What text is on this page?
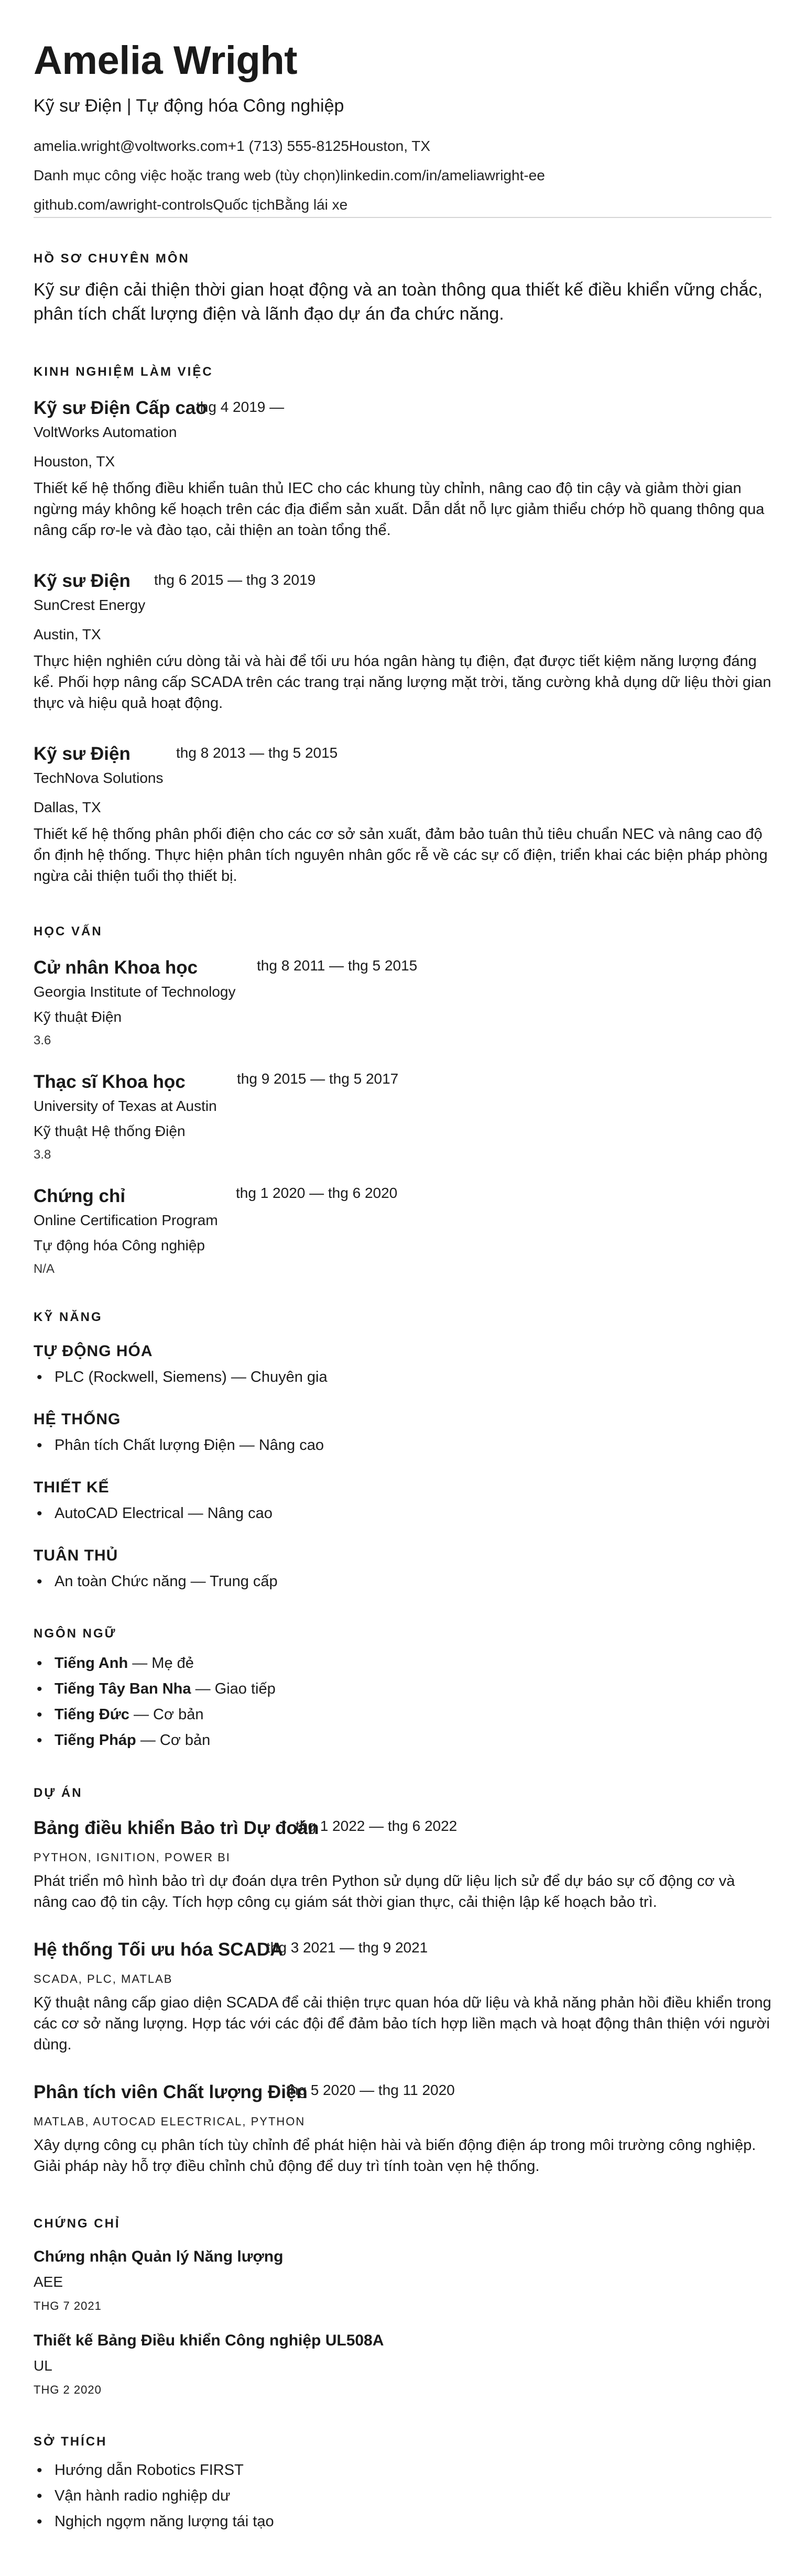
Amelia Wright
Kỹ sư Điện | Tự động hóa Công nghiệp
amelia.wright@voltworks.com+1 (713) 555-8125Houston, TX
Danh mục công việc hoặc trang web (tùy chọn)linkedin.com/in/ameliawright-ee
github.com/awright-controlsQuốc tịchBằng lái xe
HỒ SƠ CHUYÊN MÔN
Kỹ sư điện cải thiện thời gian hoạt động và an toàn thông qua thiết kế điều khiển vững chắc, phân tích chất lượng điện và lãnh đạo dự án đa chức năng.
KINH NGHIỆM LÀM VIỆC
Kỹ sư Điện Cấp cao
thg 4 2019 —
VoltWorks Automation
Houston, TX
Thiết kế hệ thống điều khiển tuân thủ IEC cho các khung tùy chỉnh, nâng cao độ tin cậy và giảm thời gian ngừng máy không kế hoạch trên các địa điểm sản xuất. Dẫn dắt nỗ lực giảm thiểu chớp hồ quang thông qua nâng cấp rơ-le và đào tạo, cải thiện an toàn tổng thể.
Kỹ sư Điện thg 6 2015 — thg 3 2019
SunCrest Energy
Austin, TX
Thực hiện nghiên cứu dòng tải và hài để tối ưu hóa ngân hàng tụ điện, đạt được tiết kiệm năng lượng đáng kể. Phối hợp nâng cấp SCADA trên các trang trại năng lượng mặt trời, tăng cường khả dụng dữ liệu thời gian thực và hiệu quả hoạt động.
Kỹ sư Điện	thg 8 2013 — thg 5 2015
TechNova Solutions
Dallas, TX
Thiết kế hệ thống phân phối điện cho các cơ sở sản xuất, đảm bảo tuân thủ tiêu chuẩn NEC và nâng cao độ ổn định hệ thống. Thực hiện phân tích nguyên nhân gốc rễ về các sự cố điện, triển khai các biện pháp phòng ngừa cải thiện tuổi thọ thiết bị.
HỌC VẤN
Cử nhân Khoa học	thg 8 2011 — thg 5 2015
Georgia Institute of Technology
Kỹ thuật Điện
3.6
Thạc sĩ Khoa học	thg 9 2015 — thg 5 2017
University of Texas at Austin
Kỹ thuật Hệ thống Điện
3.8
Chứng chỉ	thg 1 2020 — thg 6 2020
Online Certification Program
Tự động hóa Công nghiệp
N/A
KỸ NĂNG
TỰ ĐỘNG HÓA
• PLC (Rockwell, Siemens) — Chuyên gia
HỆ THỐNG
• Phân tích Chất lượng Điện — Nâng cao
THIẾT KẾ
• AutoCAD Electrical — Nâng cao
TUÂN THỦ
• An toàn Chức năng — Trung cấp
NGÔN NGỮ
• Tiếng Anh — Mẹ đẻ
• Tiếng Tây Ban Nha — Giao tiếp
• Tiếng Đức — Cơ bản
• Tiếng Pháp — Cơ bản
DỰ ÁN
Bảng điều khiển Bảo trì Dự đoán
thg 1 2022 — thg 6 2022
PYTHON, IGNITION, POWER BI
Phát triển mô hình bảo trì dự đoán dựa trên Python sử dụng dữ liệu lịch sử để dự báo sự cố động cơ và nâng cao độ tin cậy. Tích hợp công cụ giám sát thời gian thực, cải thiện lập kế hoạch bảo trì.
Hệ thống Tối ưu hóa SCADA
thg 3 2021 — thg 9 2021
SCADA, PLC, MATLAB
Kỹ thuật nâng cấp giao diện SCADA để cải thiện trực quan hóa dữ liệu và khả năng phản hồi điều khiển trong các cơ sở năng lượng. Hợp tác với các đội để đảm bảo tích hợp liền mạch và hoạt động thân thiện với người dùng.
Phân tích viên Chất lượng Điện
thg 5 2020 — thg 11 2020
MATLAB, AUTOCAD ELECTRICAL, PYTHON
Xây dựng công cụ phân tích tùy chỉnh để phát hiện hài và biến động điện áp trong môi trường công nghiệp. Giải pháp này hỗ trợ điều chỉnh chủ động để duy trì tính toàn vẹn hệ thống.
CHỨNG CHỈ
Chứng nhận Quản lý Năng lượng
AEE
THG 7 2021
Thiết kế Bảng Điều khiển Công nghiệp UL508A
UL
THG 2 2020
SỞ THÍCH
• Hướng dẫn Robotics FIRST
• Vận hành radio nghiệp dư
• Nghịch ngợm năng lượng tái tạo
